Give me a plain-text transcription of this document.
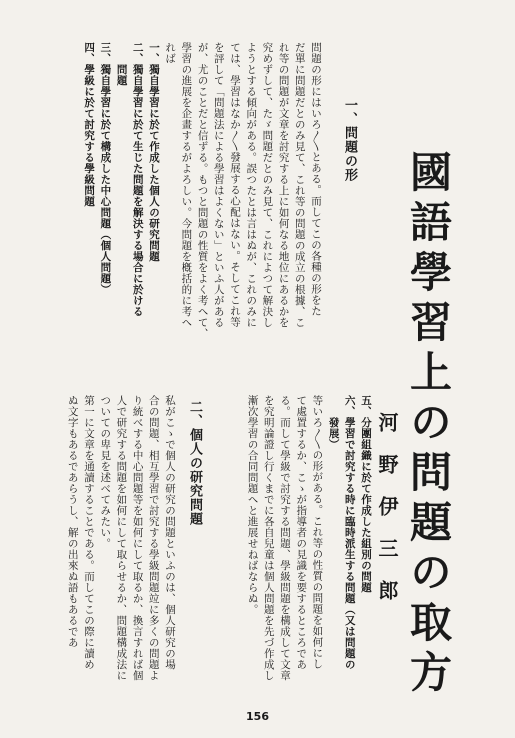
國語學習上の問題の取方
河野伊三郎
一、問題の形
問題の形にはいろ〳〵とある。而してこの各種の形をた
だ單に問題だとのみ見て、これ等の問題の成立の根據、こ
れ等の問題が文章を討究する上に如何なる地位にあるかを
究めずして、たゞ問題だとのみ見て、これによつて解決し
ようとする傾向がある。誤つたとは言はぬが、これのみに
ては、學習はなか〳〵發展する心配はない。そしてこれ等
を評して「問題法による學習はよくない」といふ人がある
が、尤のことだと信ずる。もつと問題の性質をよく考へて、
學習の進展を企畫するがよろしい。今問題を槪括的に考へ
れば
一、獨自學習に於て作成した個人の研究問題
二、獨自學習に於て生じた問題を解決する場合に於ける
　　問題
三、獨自學習に於て構成した中心問題（個人問題）
四、學級に於て討究する學級問題
五、分團組織に於て作成した組別の問題
六、學習で討究する時に臨時派生する問題（又は問題の
　　發展）
等いろ〳〵の形がある。これ等の性質の問題を如何にし
て處置するか、こゝが指導者の見識を要するところであ
る。而して學級で討究する問題、學級問題を構成して文章
を究明論證し行くまでに各自兒童は個人問題を先づ作成し
漸次學習の合同問題へと進展せねばならぬ。
二、個人の研究問題
私がこゝで個人の研究の問題といふのは、個人研究の場
合の問題、相互學習で討究する學級問題竝に多くの問題よ
り統べする中心問題等を如何にして取るか、換言すれば個
人で研究する問題を如何にして取らせるか、問題構成法に
ついての卑見を述べてみたい。
第一に文章を通讀することである。而してこの際に讀め
ぬ文字もあるであらうし、解の出來ぬ語もあるであ
156
